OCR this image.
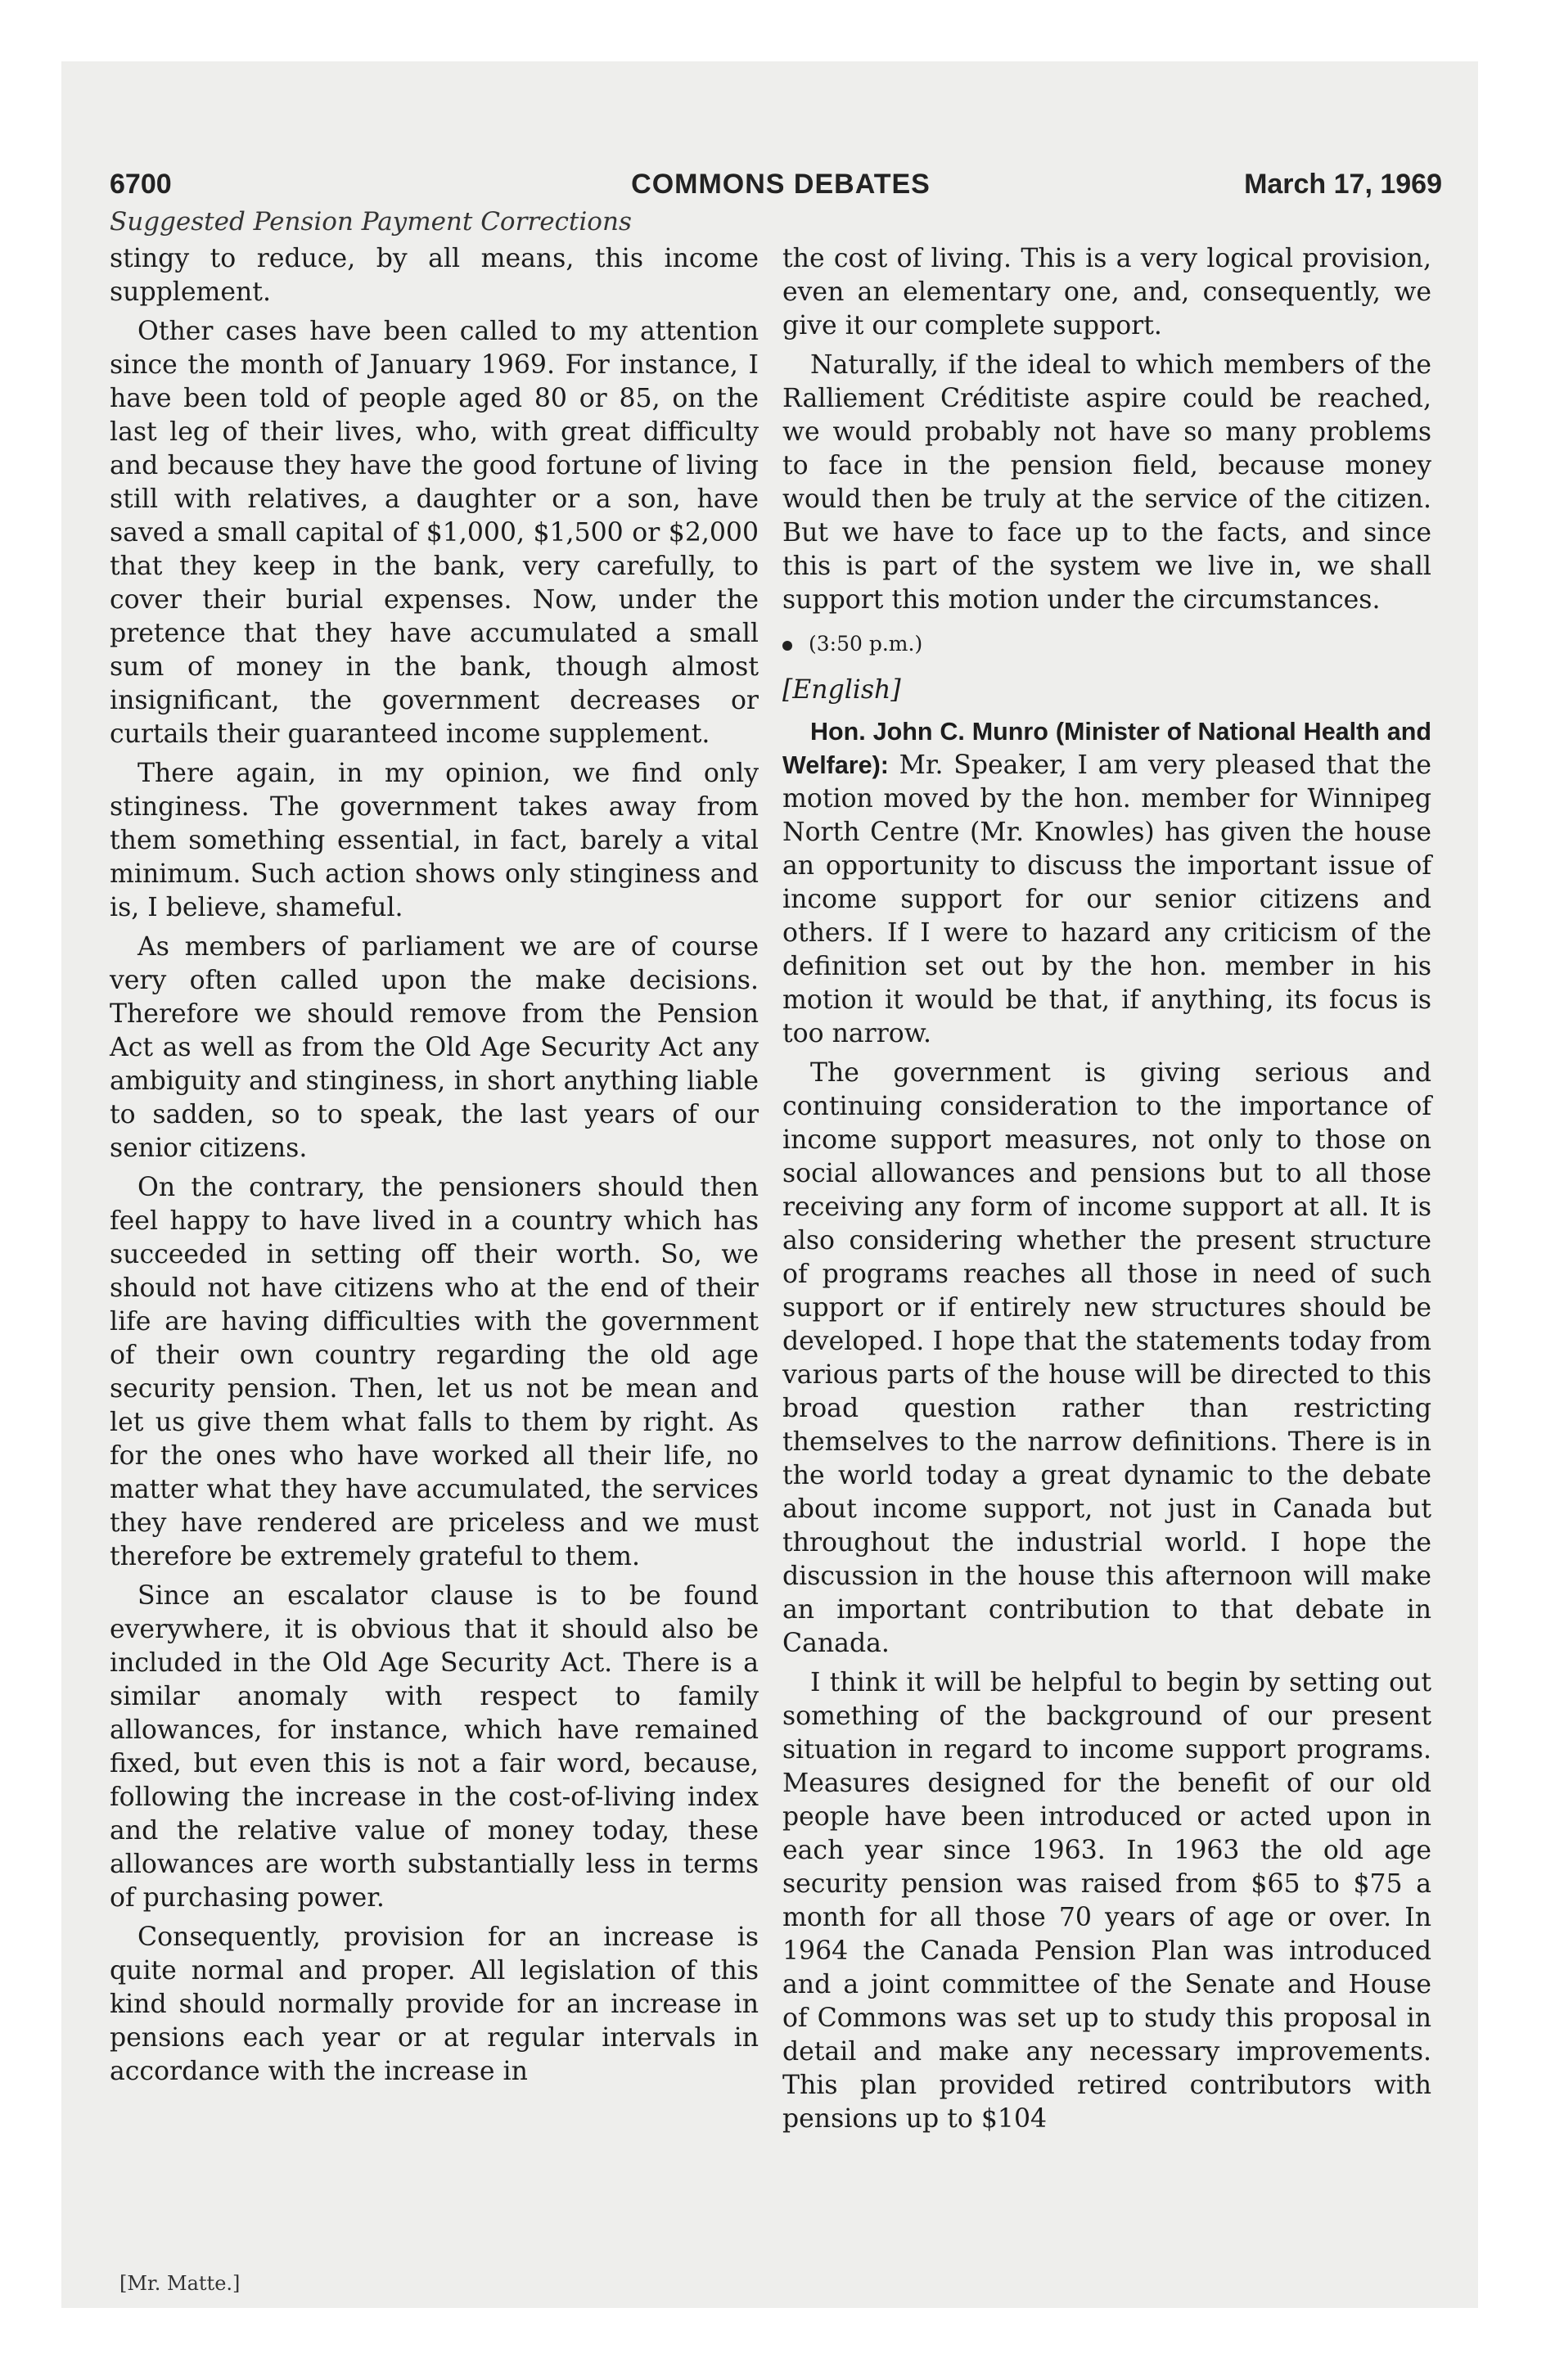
6700	COMMONS DEBATES	March 17, 1969
Suggested Pension Payment Corrections

stingy to reduce, by all means, this income supplement.

Other cases have been called to my attention since the month of January 1969. For instance, I have been told of people aged 80 or 85, on the last leg of their lives, who, with great difficulty and because they have the good fortune of living still with relatives, a daughter or a son, have saved a small capital of $1,000, $1,500 or $2,000 that they keep in the bank, very carefully, to cover their burial expenses. Now, under the pretence that they have accumulated a small sum of money in the bank, though almost insignificant, the government decreases or curtails their guaranteed income supplement.

There again, in my opinion, we find only stinginess. The government takes away from them something essential, in fact, barely a vital minimum. Such action shows only stinginess and is, I believe, shameful.

As members of parliament we are of course very often called upon the make decisions. Therefore we should remove from the Pension Act as well as from the Old Age Security Act any ambiguity and stinginess, in short anything liable to sadden, so to speak, the last years of our senior citizens.

On the contrary, the pensioners should then feel happy to have lived in a country which has succeeded in setting off their worth. So, we should not have citizens who at the end of their life are having difficulties with the government of their own country regarding the old age security pension. Then, let us not be mean and let us give them what falls to them by right. As for the ones who have worked all their life, no matter what they have accumulated, the services they have rendered are priceless and we must therefore be extremely grateful to them.

Since an escalator clause is to be found everywhere, it is obvious that it should also be included in the Old Age Security Act. There is a similar anomaly with respect to family allowances, for instance, which have remained fixed, but even this is not a fair word, because, following the increase in the cost-of-living index and the relative value of money today, these allowances are worth substantially less in terms of purchasing power.

Consequently, provision for an increase is quite normal and proper. All legislation of this kind should normally provide for an increase in pensions each year or at regular intervals in accordance with the increase in

the cost of living. This is a very logical provision, even an elementary one, and, consequently, we give it our complete support.

Naturally, if the ideal to which members of the Ralliement Créditiste aspire could be reached, we would probably not have so many problems to face in the pension field, because money would then be truly at the service of the citizen. But we have to face up to the facts, and since this is part of the system we live in, we shall support this motion under the circumstances.

(3:50 p.m.)
[English]

Hon. John C. Munro (Minister of National Health and Welfare): Mr. Speaker, I am very pleased that the motion moved by the hon. member for Winnipeg North Centre (Mr. Knowles) has given the house an opportunity to discuss the important issue of income support for our senior citizens and others. If I were to hazard any criticism of the definition set out by the hon. member in his motion it would be that, if anything, its focus is too narrow.

The government is giving serious and continuing consideration to the importance of income support measures, not only to those on social allowances and pensions but to all those receiving any form of income support at all. It is also considering whether the present structure of programs reaches all those in need of such support or if entirely new structures should be developed. I hope that the statements today from various parts of the house will be directed to this broad question rather than restricting themselves to the narrow definitions. There is in the world today a great dynamic to the debate about income support, not just in Canada but throughout the industrial world. I hope the discussion in the house this afternoon will make an important contribution to that debate in Canada.

I think it will be helpful to begin by setting out something of the background of our present situation in regard to income support programs. Measures designed for the benefit of our old people have been introduced or acted upon in each year since 1963. In 1963 the old age security pension was raised from $65 to $75 a month for all those 70 years of age or over. In 1964 the Canada Pension Plan was introduced and a joint committee of the Senate and House of Commons was set up to study this proposal in detail and make any necessary improvements. This plan provided retired contributors with pensions up to $104

[Mr. Matte.]
